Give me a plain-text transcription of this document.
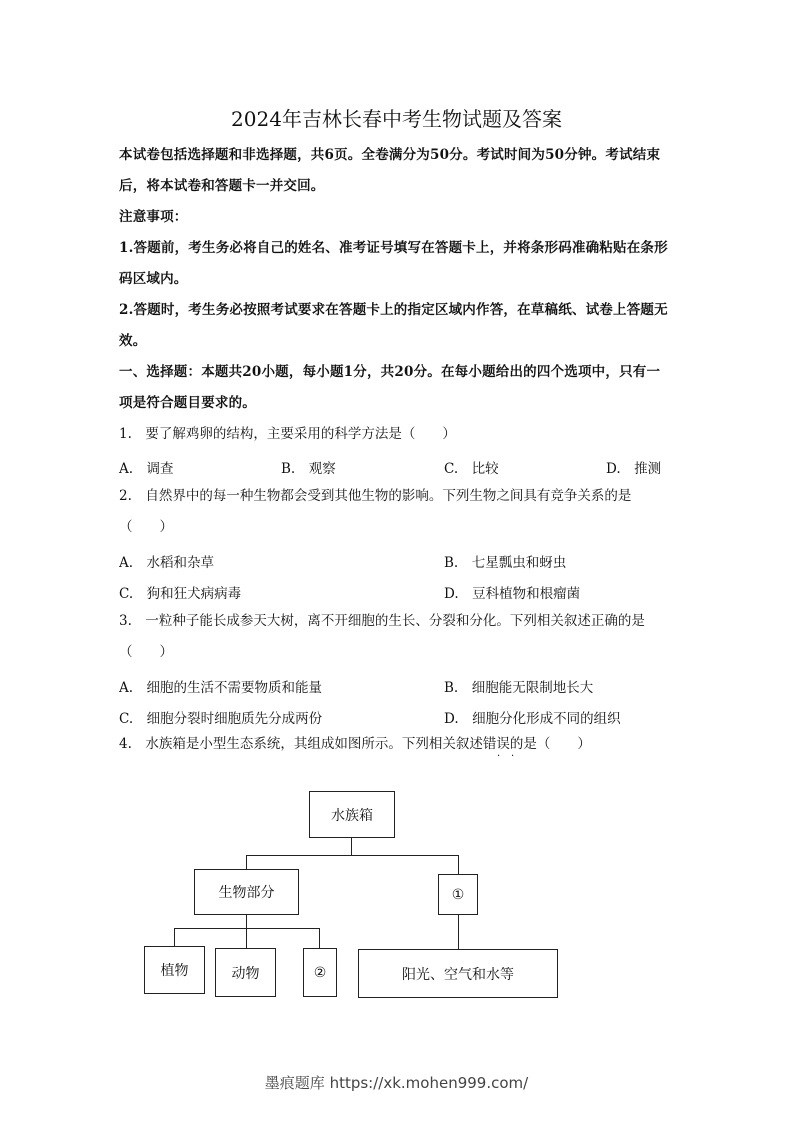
2024年吉林长春中考生物试题及答案
本试卷包括选择题和非选择题，共6页。全卷满分为50分。考试时间为50分钟。考试结束后，将本试卷和答题卡一并交回。
注意事项：
1.答题前，考生务必将自己的姓名、准考证号填写在答题卡上，并将条形码准确粘贴在条形码区域内。
2.答题时，考生务必按照考试要求在答题卡上的指定区域内作答，在草稿纸、试卷上答题无效。
一、选择题：本题共20小题，每小题1分，共20分。在每小题给出的四个选项中，只有一项是符合题目要求的。
1.　要了解鸡卵的结构，主要采用的科学方法是（　　）
A.　调查	B.　观察	C.　比较	D.　推测
2.　自然界中的每一种生物都会受到其他生物的影响。下列生物之间具有竞争关系的是（　　）
A.　水稻和杂草	B.　七星瓢虫和蚜虫
C.　狗和狂犬病病毒	D.　豆科植物和根瘤菌
3.　一粒种子能长成参天大树，离不开细胞的生长、分裂和分化。下列相关叙述正确的是（　　）
A.　细胞的生活不需要物质和能量	B.　细胞能无限制地长大
C.　细胞分裂时细胞质先分成两份	D.　细胞分化形成不同的组织
4.　水族箱是小型生态系统，其组成如图所示。下列相关叙述错误的是（　　）
· ·
水族箱
生物部分	①
植物	动物	②	阳光、空气和水等
墨痕题库 https://xk.mohen999.com/
